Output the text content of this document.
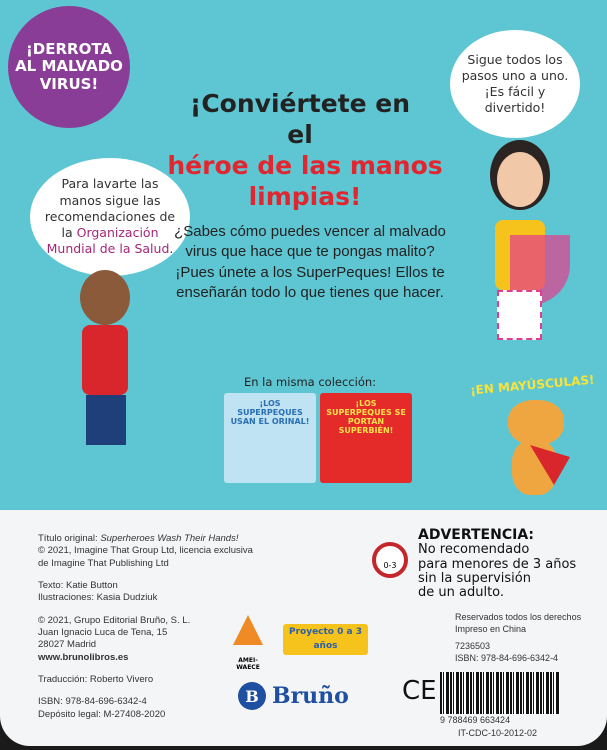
¡DERROTA AL MALVADO VIRUS!
Para lavarte las manos sigue las recomendaciones de la Organización Mundial de la Salud.
Sigue todos los pasos uno a uno. ¡Es fácil y divertido!
¡Conviértete en el
héroe de las manos limpias!
¿Sabes cómo puedes vencer al malvado virus que hace que te pongas malito? ¡Pues únete a los SuperPeques! Ellos te enseñarán todo lo que tienes que hacer.
¡EN MAYÚSCULAS!
En la misma colección:
¡LOS SUPERPEQUES USAN EL ORINAL!
¡LOS SUPERPEQUES SE PORTAN SUPERBIÉN!
Título original: Superheroes Wash Their Hands!
© 2021, Imagine That Group Ltd, licencia exclusiva
de Imagine That Publishing Ltd
Texto: Katie Button
Ilustraciones: Kasia Dudziuk
© 2021, Grupo Editorial Bruño, S. L.
Juan Ignacio Luca de Tena, 15
28027 Madrid
www.brunolibros.es
Traducción: Roberto Vivero
ISBN: 978-84-696-6342-4
Depósito legal: M-27408-2020
AMEI-WAECE
Proyecto 0 a 3 años
B Bruño
0-3
ADVERTENCIA:
No recomendado
para menores de 3 años
sin la supervisión
de un adulto.
Reservados todos los derechos
Impreso en China
7236503
ISBN: 978-84-696-6342-4
CE
9 788469 663424
IT-CDC-10-2012-02
